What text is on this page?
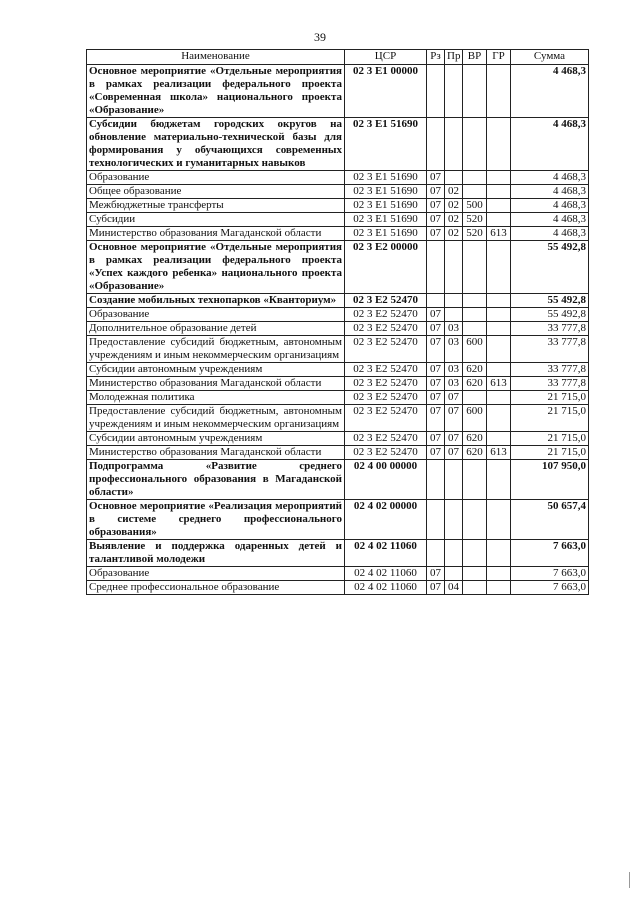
39
Наименование	ЦСР	Рз	Пр	ВР	ГР	Сумма
Основное мероприятие «Отдельные мероприятия в рамках реализации федерального проекта «Современная школа» национального проекта «Образование»	02 3 E1 00000					4 468,3
Субсидии бюджетам городских округов на обновление материально-технической базы для формирования у обучающихся современных технологических и гуманитарных навыков	02 3 E1 51690					4 468,3
Образование	02 3 E1 51690	07				4 468,3
Общее образование	02 3 E1 51690	07	02			4 468,3
Межбюджетные трансферты	02 3 E1 51690	07	02	500		4 468,3
Субсидии	02 3 E1 51690	07	02	520		4 468,3
Министерство образования Магаданской области	02 3 E1 51690	07	02	520	613	4 468,3
Основное мероприятие «Отдельные мероприятия в рамках реализации федерального проекта «Успех каждого ребенка» национального проекта «Образование»	02 3 E2 00000					55 492,8
Создание мобильных технопарков «Кванториум»	02 3 E2 52470					55 492,8
Образование	02 3 E2 52470	07				55 492,8
Дополнительное образование детей	02 3 E2 52470	07	03			33 777,8
Предоставление субсидий бюджетным, автономным учреждениям и иным некоммерческим организациям	02 3 E2 52470	07	03	600		33 777,8
Субсидии автономным учреждениям	02 3 E2 52470	07	03	620		33 777,8
Министерство образования Магаданской области	02 3 E2 52470	07	03	620	613	33 777,8
Молодежная политика	02 3 E2 52470	07	07			21 715,0
Предоставление субсидий бюджетным, автономным учреждениям и иным некоммерческим организациям	02 3 E2 52470	07	07	600		21 715,0
Субсидии автономным учреждениям	02 3 E2 52470	07	07	620		21 715,0
Министерство образования Магаданской области	02 3 E2 52470	07	07	620	613	21 715,0
Подпрограмма «Развитие среднего профессионального образования в Магаданской области»	02 4 00 00000					107 950,0
Основное мероприятие «Реализация мероприятий в системе среднего профессионального образования»	02 4 02 00000					50 657,4
Выявление и поддержка одаренных детей и талантливой молодежи	02 4 02 11060					7 663,0
Образование	02 4 02 11060	07				7 663,0
Среднее профессиональное образование	02 4 02 11060	07	04			7 663,0
